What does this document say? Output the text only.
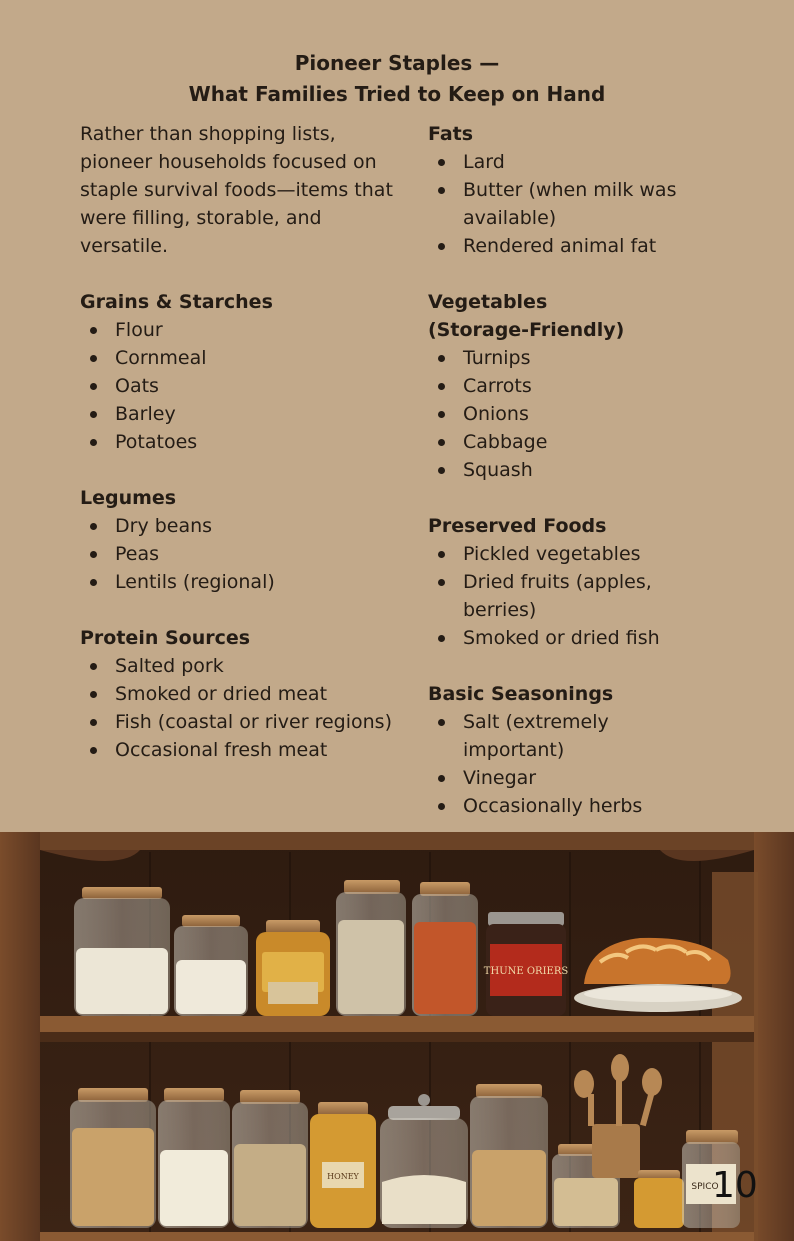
Pioneer Staples —
What Families Tried to Keep on Hand

Rather than shopping lists, pioneer households focused on staple survival foods—items that were filling, storable, and versatile.

Grains & Starches

Flour
Cornmeal
Oats
Barley
Potatoes

Legumes

Dry beans
Peas
Lentils (regional)

Protein Sources

Salted pork
Smoked or dried meat
Fish (coastal or river regions)
Occasional fresh meat

Fats

Lard
Butter (when milk was available)
Rendered animal fat

Vegetables (Storage-Friendly)

Turnips
Carrots
Onions
Cabbage
Squash

Preserved Foods

Pickled vegetables
Dried fruits (apples, berries)
Smoked or dried fish

Basic Seasonings

Salt (extremely important)
Vinegar
Occasionally herbs
THUNE ORIERS
HONEY
SPICO
10
